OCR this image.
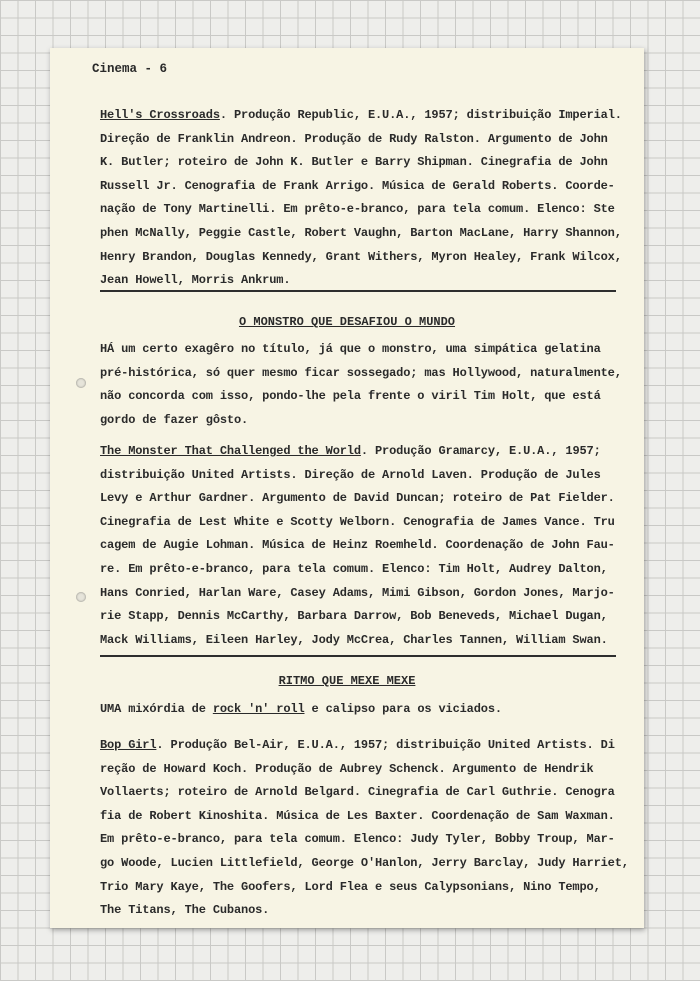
Cinema - 6

Hell's Crossroads. Produção Republic, E.U.A., 1957; distribuição Imperial.
Direção de Franklin Andreon. Produção de Rudy Ralston. Argumento de John
K. Butler; roteiro de John K. Butler e Barry Shipman. Cinegrafia de John
Russell Jr. Cenografia de Frank Arrigo. Música de Gerald Roberts. Coorde-
nação de Tony Martinelli. Em prêto-e-branco, para tela comum. Elenco: Ste
phen McNally, Peggie Castle, Robert Vaughn, Barton MacLane, Harry Shannon,
Henry Brandon, Douglas Kennedy, Grant Withers, Myron Healey, Frank Wilcox,
Jean Howell, Morris Ankrum.

O MONSTRO QUE DESAFIOU O MUNDO

HÁ um certo exagêro no título, já que o monstro, uma simpática gelatina
pré-histórica, só quer mesmo ficar sossegado; mas Hollywood, naturalmente,
não concorda com isso, pondo-lhe pela frente o viril Tim Holt, que está
gordo de fazer gôsto.

The Monster That Challenged the World. Produção Gramarcy, E.U.A., 1957;
distribuição United Artists. Direção de Arnold Laven. Produção de Jules
Levy e Arthur Gardner. Argumento de David Duncan; roteiro de Pat Fielder.
Cinegrafia de Lest White e Scotty Welborn. Cenografia de James Vance. Tru
cagem de Augie Lohman. Música de Heinz Roemheld. Coordenação de John Fau-
re. Em prêto-e-branco, para tela comum. Elenco: Tim Holt, Audrey Dalton,
Hans Conried, Harlan Ware, Casey Adams, Mimi Gibson, Gordon Jones, Marjo-
rie Stapp, Dennis McCarthy, Barbara Darrow, Bob Beneveds, Michael Dugan,
Mack Williams, Eileen Harley, Jody McCrea, Charles Tannen, William Swan.

RITMO QUE MEXE MEXE

UMA mixórdia de rock 'n' roll e calipso para os viciados.

Bop Girl. Produção Bel-Air, E.U.A., 1957; distribuição United Artists. Di
reção de Howard Koch. Produção de Aubrey Schenck. Argumento de Hendrik
Vollaerts; roteiro de Arnold Belgard. Cinegrafia de Carl Guthrie. Cenogra
fia de Robert Kinoshita. Música de Les Baxter. Coordenação de Sam Waxman.
Em prêto-e-branco, para tela comum. Elenco: Judy Tyler, Bobby Troup, Mar-
go Woode, Lucien Littlefield, George O'Hanlon, Jerry Barclay, Judy Harriet,
Trio Mary Kaye, The Goofers, Lord Flea e seus Calypsonians, Nino Tempo,
The Titans, The Cubanos.
